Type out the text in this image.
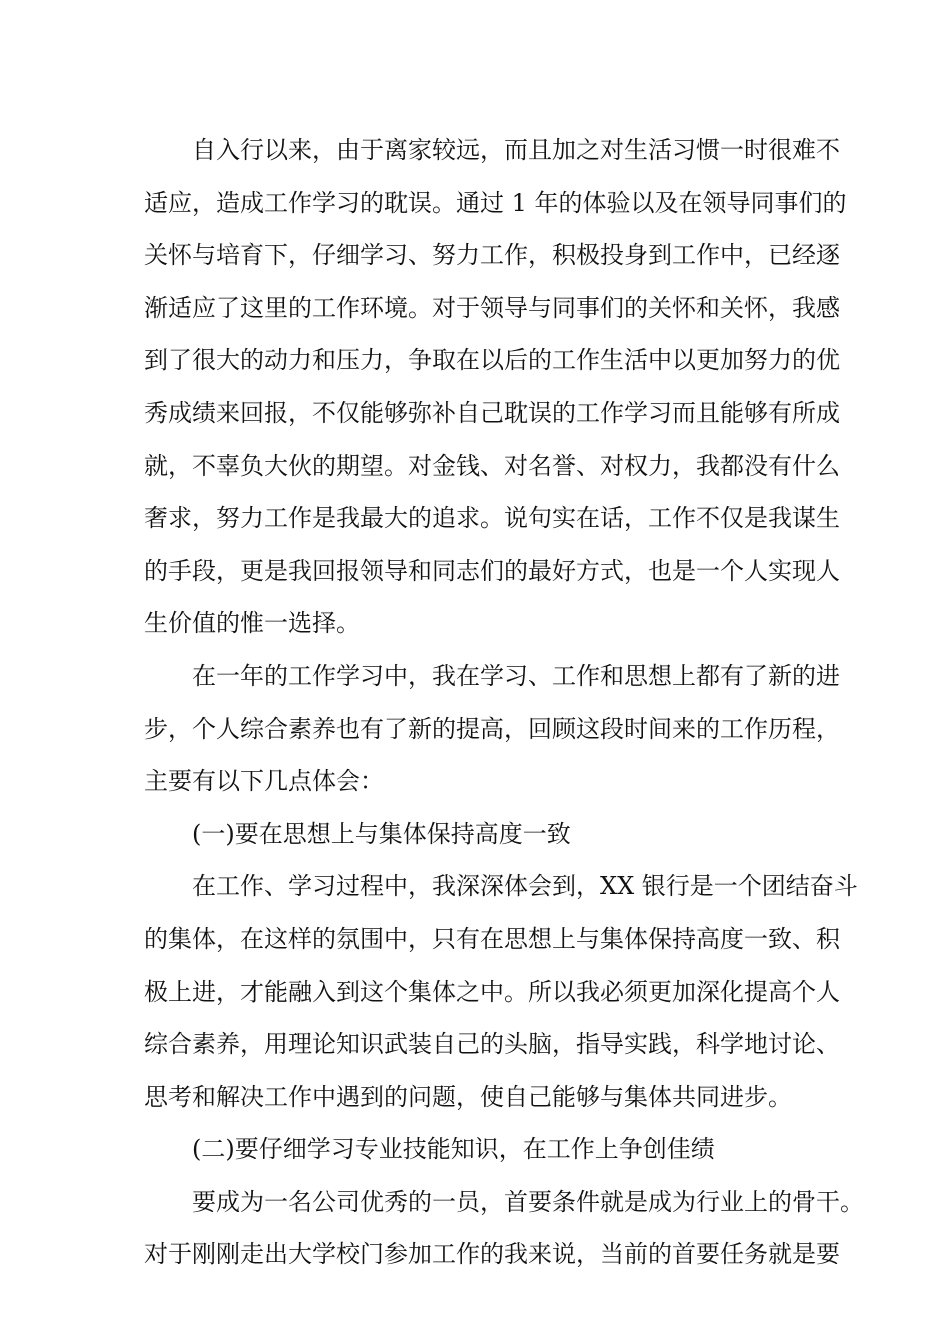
自入行以来，由于离家较远，而且加之对生活习惯一时很难不
适应，造成工作学习的耽误。通过 1 年的体验以及在领导同事们的
关怀与培育下，仔细学习、努力工作，积极投身到工作中，已经逐
渐适应了这里的工作环境。对于领导与同事们的关怀和关怀，我感
到了很大的动力和压力，争取在以后的工作生活中以更加努力的优
秀成绩来回报，不仅能够弥补自己耽误的工作学习而且能够有所成
就，不辜负大伙的期望。对金钱、对名誉、对权力，我都没有什么
奢求，努力工作是我最大的追求。说句实在话，工作不仅是我谋生
的手段，更是我回报领导和同志们的最好方式，也是一个人实现人
生价值的惟一选择。
在一年的工作学习中，我在学习、工作和思想上都有了新的进
步，个人综合素养也有了新的提高，回顾这段时间来的工作历程，
主要有以下几点体会：
(一)要在思想上与集体保持高度一致
在工作、学习过程中，我深深体会到，XX 银行是一个团结奋斗
的集体，在这样的氛围中，只有在思想上与集体保持高度一致、积
极上进，才能融入到这个集体之中。所以我必须更加深化提高个人
综合素养，用理论知识武装自己的头脑，指导实践，科学地讨论、
思考和解决工作中遇到的问题，使自己能够与集体共同进步。
(二)要仔细学习专业技能知识，在工作上争创佳绩
要成为一名公司优秀的一员，首要条件就是成为行业上的骨干。
对于刚刚走出大学校门参加工作的我来说，当前的首要任务就是要
